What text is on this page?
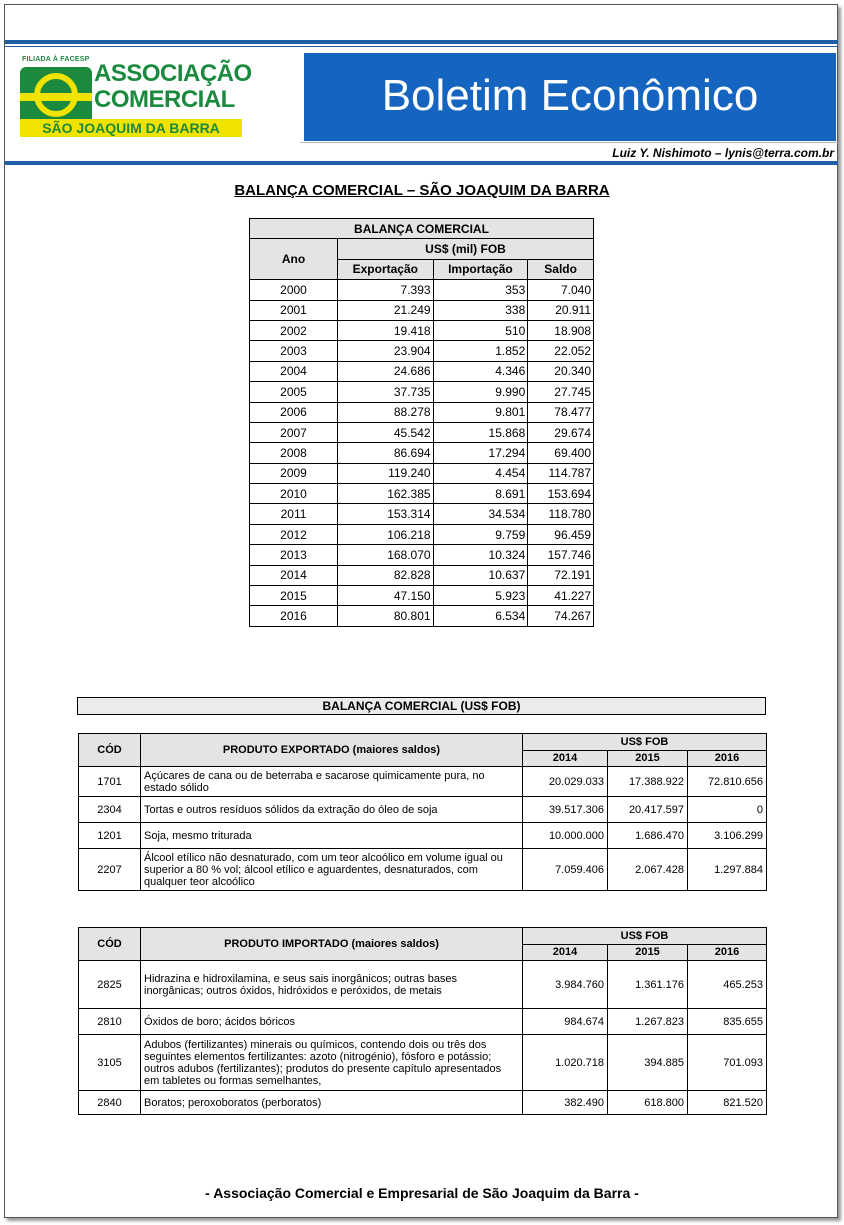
FILIADA À FACESP
ASSOCIAÇÃO
COMERCIAL
SÃO JOAQUIM DA BARRA
Boletim Econômico
Luiz Y. Nishimoto – lynis@terra.com.br
BALANÇA COMERCIAL – SÃO JOAQUIM DA BARRA
BALANÇA COMERCIAL			
Ano	US$ (mil) FOB		
	Exportação	Importação	Saldo
2000	7.393	353	7.040
2001	21.249	338	20.911
2002	19.418	510	18.908
2003	23.904	1.852	22.052
2004	24.686	4.346	20.340
2005	37.735	9.990	27.745
2006	88.278	9.801	78.477
2007	45.542	15.868	29.674
2008	86.694	17.294	69.400
2009	119.240	4.454	114.787
2010	162.385	8.691	153.694
2011	153.314	34.534	118.780
2012	106.218	9.759	96.459
2013	168.070	10.324	157.746
2014	82.828	10.637	72.191
2015	47.150	5.923	41.227
2016	80.801	6.534	74.267
BALANÇA COMERCIAL (US$ FOB)
CÓD	PRODUTO EXPORTADO (maiores saldos)	US$ FOB		
		2014	2015	2016
1701	Açúcares de cana ou de beterraba e sacarose quimicamente pura, no estado sólido	20.029.033	17.388.922	72.810.656
2304	Tortas e outros resíduos sólidos da extração do óleo de soja	39.517.306	20.417.597	0
1201	Soja, mesmo triturada	10.000.000	1.686.470	3.106.299
2207	Álcool etílico não desnaturado, com um teor alcoólico em volume igual ou superior a 80 % vol; álcool etílico e aguardentes, desnaturados, com qualquer teor alcoólico	7.059.406	2.067.428	1.297.884
CÓD	PRODUTO IMPORTADO (maiores saldos)	US$ FOB		
		2014	2015	2016
2825	Hidrazina e hidroxilamina, e seus sais inorgânicos; outras bases inorgânicas; outros óxidos, hidróxidos e peróxidos, de metais	3.984.760	1.361.176	465.253
2810	Óxidos de boro; ácidos bóricos	984.674	1.267.823	835.655
3105	Adubos (fertilizantes) minerais ou químicos, contendo dois ou três dos seguintes elementos fertilizantes: azoto (nitrogénio), fósforo e potássio; outros adubos (fertilizantes); produtos do presente capítulo apresentados em tabletes ou formas semelhantes,	1.020.718	394.885	701.093
2840	Boratos; peroxoboratos (perboratos)	382.490	618.800	821.520
- Associação Comercial e Empresarial de São Joaquim da Barra -
